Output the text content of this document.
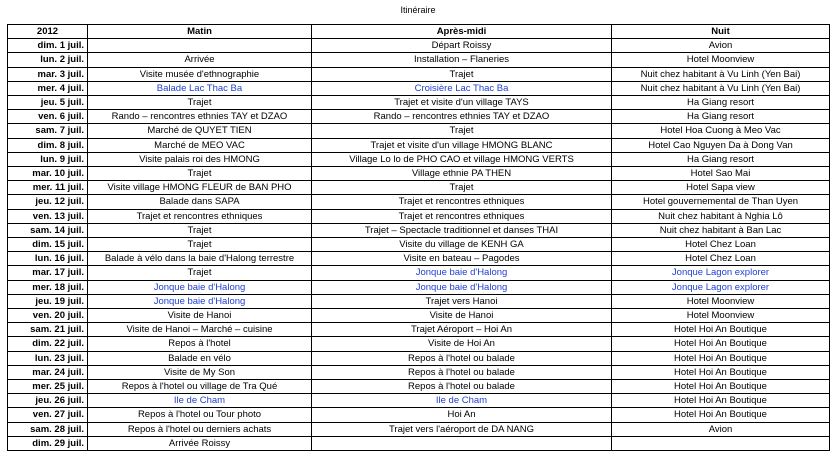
Itinéraire
2012	Matin	Après-midi	Nuit
dim. 1 juil.		Départ Roissy	Avion
lun. 2 juil.	Arrivée	Installation – Flaneries	Hotel Moonview
mar. 3 juil.	Visite musée d'ethnographie	Trajet	Nuit chez habitant à Vu Linh (Yen Bai)
mer. 4 juil.	Balade Lac Thac Ba	Croisière Lac Thac Ba	Nuit chez habitant à Vu Linh (Yen Bai)
jeu. 5 juil.	Trajet	Trajet et visite d'un village TAYS	Ha Giang resort
ven. 6 juil.	Rando – rencontres ethnies TAY et DZAO	Rando – rencontres ethnies TAY et DZAO	Ha Giang resort
sam. 7 juil.	Marché de QUYET TIEN	Trajet	Hotel Hoa Cuong à Meo Vac
dim. 8 juil.	Marché de MEO VAC	Trajet et visite d'un village HMONG BLANC	Hotel Cao Nguyen Da à Dong Van
lun. 9 juil.	Visite palais roi des HMONG	Village Lo lo de PHO CAO et village HMONG VERTS	Ha Giang resort
mar. 10 juil.	Trajet	Village ethnie PA THEN	Hotel Sao Mai
mer. 11 juil.	Visite village HMONG FLEUR de BAN PHO	Trajet	Hotel Sapa view
jeu. 12 juil.	Balade dans SAPA	Trajet et rencontres ethniques	Hotel gouvernemental de Than Uyen
ven. 13 juil.	Trajet et rencontres ethniques	Trajet et rencontres ethniques	Nuit chez habitant à Nghia Lô
sam. 14 juil.	Trajet	Trajet – Spectacle traditionnel et danses THAI	Nuit chez habitant à Ban Lac
dim. 15 juil.	Trajet	Visite du village de KENH GA	Hotel Chez Loan
lun. 16 juil.	Balade à vélo dans la baie d'Halong terrestre	Visite en bateau – Pagodes	Hotel Chez Loan
mar. 17 juil.	Trajet	Jonque baie d'Halong	Jonque Lagon explorer
mer. 18 juil.	Jonque baie d'Halong	Jonque baie d'Halong	Jonque Lagon explorer
jeu. 19 juil.	Jonque baie d'Halong	Trajet vers Hanoi	Hotel Moonview
ven. 20 juil.	Visite de Hanoi	Visite de Hanoi	Hotel Moonview
sam. 21 juil.	Visite de Hanoi – Marché – cuisine	Trajet Aéroport – Hoi An	Hotel Hoi An Boutique
dim. 22 juil.	Repos à l'hotel	Visite de Hoi An	Hotel Hoi An Boutique
lun. 23 juil.	Balade en vélo	Repos à l'hotel ou balade	Hotel Hoi An Boutique
mar. 24 juil.	Visite de My Son	Repos à l'hotel ou balade	Hotel Hoi An Boutique
mer. 25 juil.	Repos à l'hotel ou village de Tra Qué	Repos à l'hotel ou balade	Hotel Hoi An Boutique
jeu. 26 juil.	Ile de Cham	Ile de Cham	Hotel Hoi An Boutique
ven. 27 juil.	Repos à l'hotel ou Tour photo	Hoi An	Hotel Hoi An Boutique
sam. 28 juil.	Repos à l'hotel ou derniers achats	Trajet vers l'aéroport de DA NANG	Avion
dim. 29 juil.	Arrivée Roissy		
